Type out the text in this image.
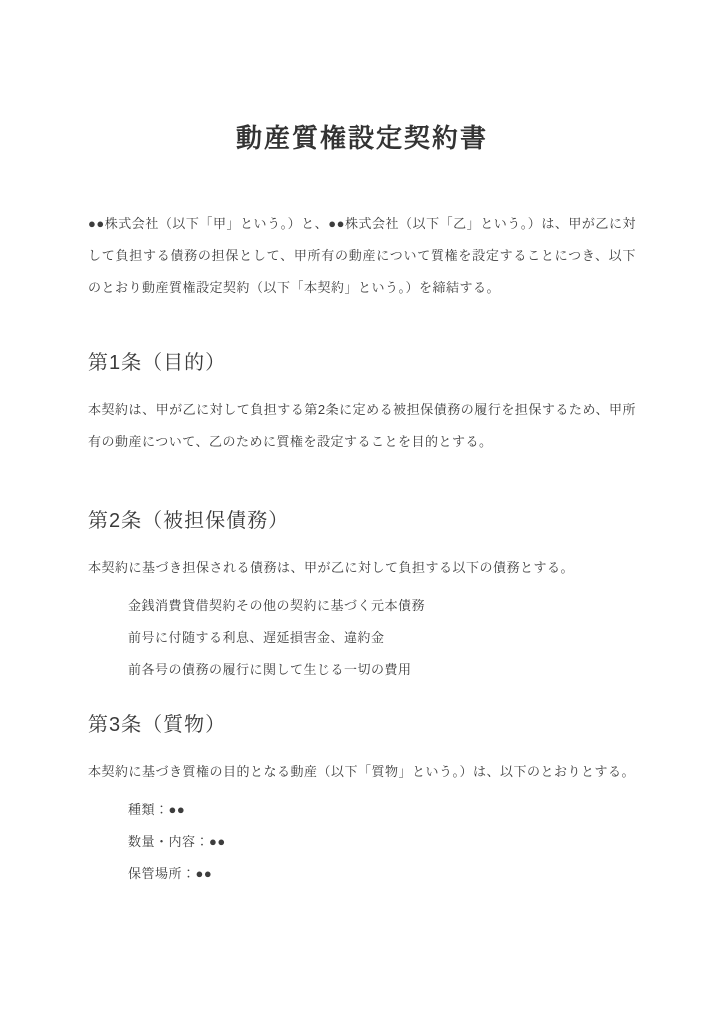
動産質権設定契約書

●●株式会社（以下「甲」という。）と、●●株式会社（以下「乙」という。）は、甲が乙に対して負担する債務の担保として、甲所有の動産について質権を設定することにつき、以下のとおり動産質権設定契約（以下「本契約」という。）を締結する。

第1条（目的）

本契約は、甲が乙に対して負担する第2条に定める被担保債務の履行を担保するため、甲所有の動産について、乙のために質権を設定することを目的とする。

第2条（被担保債務）

本契約に基づき担保される債務は、甲が乙に対して負担する以下の債務とする。

金銭消費貸借契約その他の契約に基づく元本債務

前号に付随する利息、遅延損害金、違約金

前各号の債務の履行に関して生じる一切の費用

第3条（質物）

本契約に基づき質権の目的となる動産（以下「質物」という。）は、以下のとおりとする。

種類：●●

数量・内容：●●

保管場所：●●
